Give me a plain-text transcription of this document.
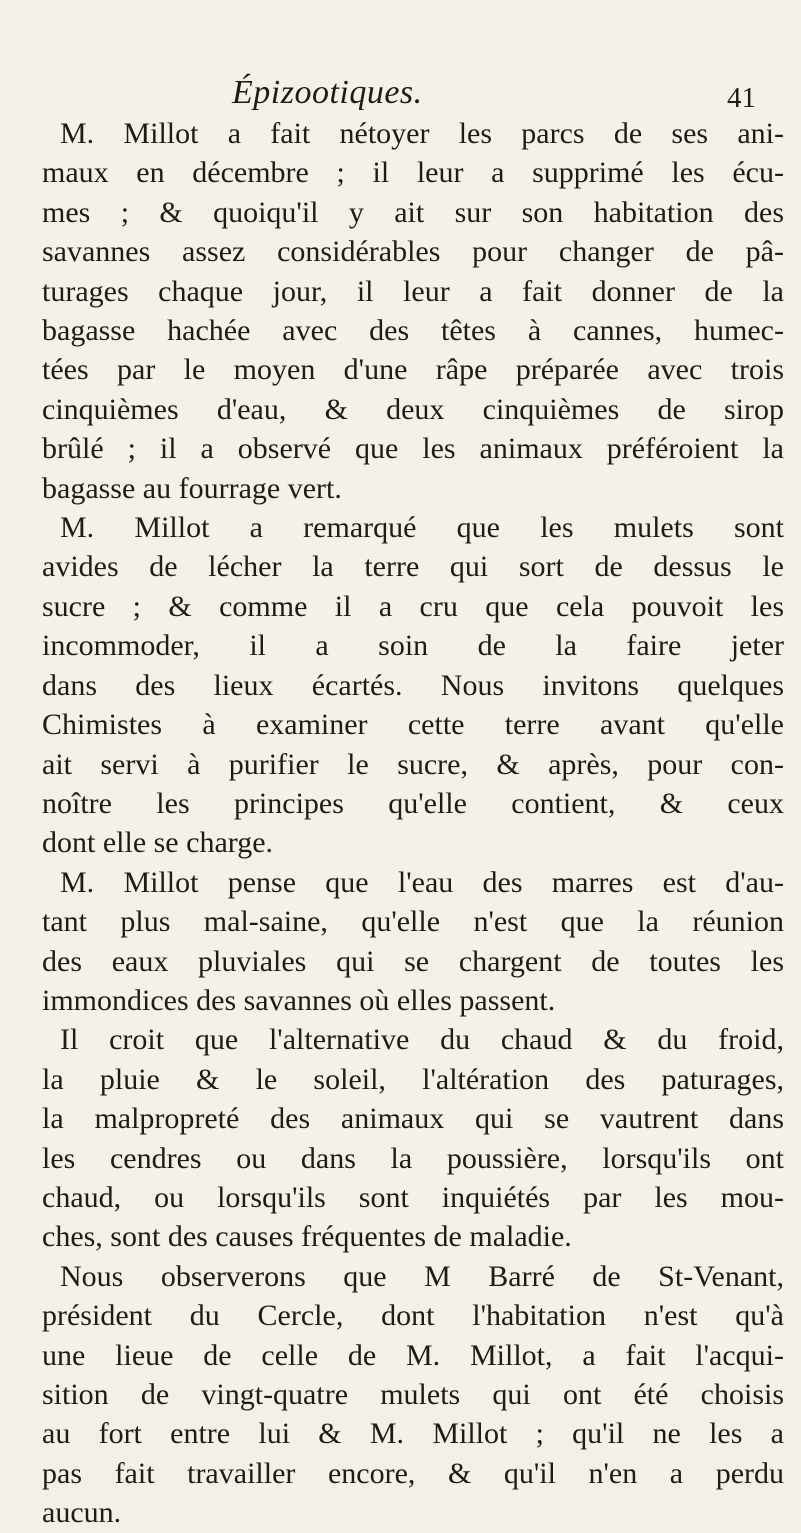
Épizootiques.	41
M. Millot a fait nétoyer les parcs de ses ani-
maux en décembre ; il leur a supprimé les écu-
mes ; & quoiqu'il y ait sur son habitation des
savannes assez considérables pour changer de pâ-
turages chaque jour, il leur a fait donner de la
bagasse hachée avec des têtes à cannes, humec-
tées par le moyen d'une râpe préparée avec trois
cinquièmes d'eau, & deux cinquièmes de sirop
brûlé ; il a observé que les animaux préféroient la
bagasse au fourrage vert.
M. Millot a remarqué que les mulets sont
avides de lécher la terre qui sort de dessus le
sucre ; & comme il a cru que cela pouvoit les
incommoder, il a soin de la faire jeter
dans des lieux écartés. Nous invitons quelques
Chimistes à examiner cette terre avant qu'elle
ait servi à purifier le sucre, & après, pour con-
noître les principes qu'elle contient, & ceux
dont elle se charge.
M. Millot pense que l'eau des marres est d'au-
tant plus mal-saine, qu'elle n'est que la réunion
des eaux pluviales qui se chargent de toutes les
immondices des savannes où elles passent.
Il croit que l'alternative du chaud & du froid,
la pluie & le soleil, l'altération des paturages,
la malpropreté des animaux qui se vautrent dans
les cendres ou dans la poussière, lorsqu'ils ont
chaud, ou lorsqu'ils sont inquiétés par les mou-
ches, sont des causes fréquentes de maladie.
Nous observerons que M Barré de St-Venant,
président du Cercle, dont l'habitation n'est qu'à
une lieue de celle de M. Millot, a fait l'acqui-
sition de vingt-quatre mulets qui ont été choisis
au fort entre lui & M. Millot ; qu'il ne les a
pas fait travailler encore, & qu'il n'en a perdu
aucun.
